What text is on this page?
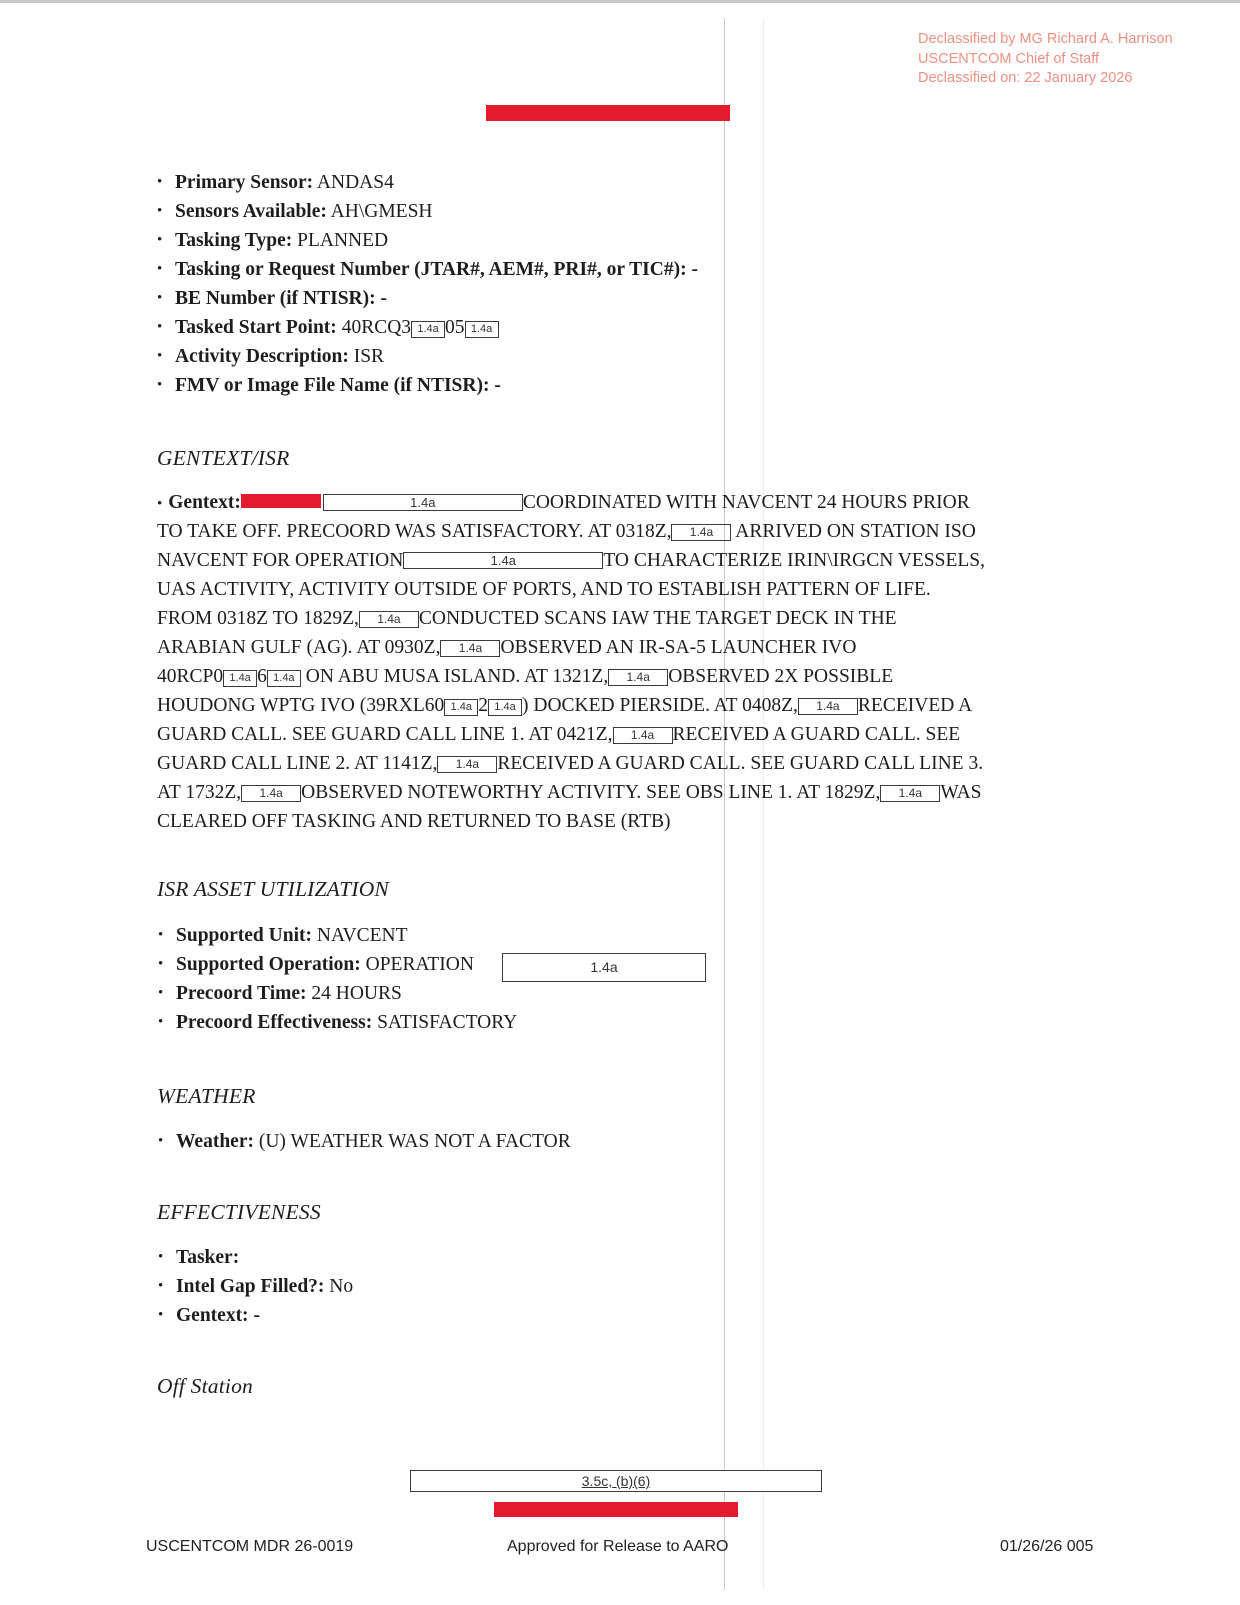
Declassified by MG Richard A. Harrison
USCENTCOM Chief of Staff
Declassified on: 22 January 2026
• Primary Sensor: ANDAS4
• Sensors Available: AH\GMESH
• Tasking Type: PLANNED
• Tasking or Request Number (JTAR#, AEM#, PRI#, or TIC#): -
• BE Number (if NTISR): -
• Tasked Start Point: 40RCQ3 1.4a 05 1.4a
• Activity Description: ISR
• FMV or Image File Name (if NTISR): -
GENTEXT/ISR
• Gentext:	1.4a	COORDINATED WITH NAVCENT 24 HOURS PRIOR
TO TAKE OFF. PRECOORD WAS SATISFACTORY. AT 0318Z, 1.4a ARRIVED ON STATION ISO
NAVCENT FOR OPERATION	1.4a	TO CHARACTERIZE IRIN\IRGCN VESSELS,
UAS ACTIVITY, ACTIVITY OUTSIDE OF PORTS, AND TO ESTABLISH PATTERN OF LIFE.
FROM 0318Z TO 1829Z, 1.4a CONDUCTED SCANS IAW THE TARGET DECK IN THE
ARABIAN GULF (AG). AT 0930Z, 1.4a OBSERVED AN IR-SA-5 LAUNCHER IVO
40RCP0 1.4a 6 1.4a ON ABU MUSA ISLAND. AT 1321Z, 1.4a OBSERVED 2X POSSIBLE
HOUDONG WPTG IVO (39RXL60 1.4a 2 1.4a ) DOCKED PIERSIDE. AT 0408Z, 1.4a RECEIVED A
GUARD CALL. SEE GUARD CALL LINE 1. AT 0421Z, 1.4a RECEIVED A GUARD CALL. SEE
GUARD CALL LINE 2. AT 1141Z, 1.4a RECEIVED A GUARD CALL. SEE GUARD CALL LINE 3.
AT 1732Z, 1.4a OBSERVED NOTEWORTHY ACTIVITY. SEE OBS LINE 1. AT 1829Z, 1.4a WAS
CLEARED OFF TASKING AND RETURNED TO BASE (RTB)
ISR ASSET UTILIZATION
• Supported Unit: NAVCENT
• Supported Operation: OPERATION
• Precoord Time: 24 HOURS
• Precoord Effectiveness: SATISFACTORY
1.4a
WEATHER
• Weather: (U) WEATHER WAS NOT A FACTOR
EFFECTIVENESS
• Tasker:
• Intel Gap Filled?: No
• Gentext: -
Off Station
3.5c, (b)(6)
USCENTCOM MDR 26-0019	Approved for Release to AARO	01/26/26 005
